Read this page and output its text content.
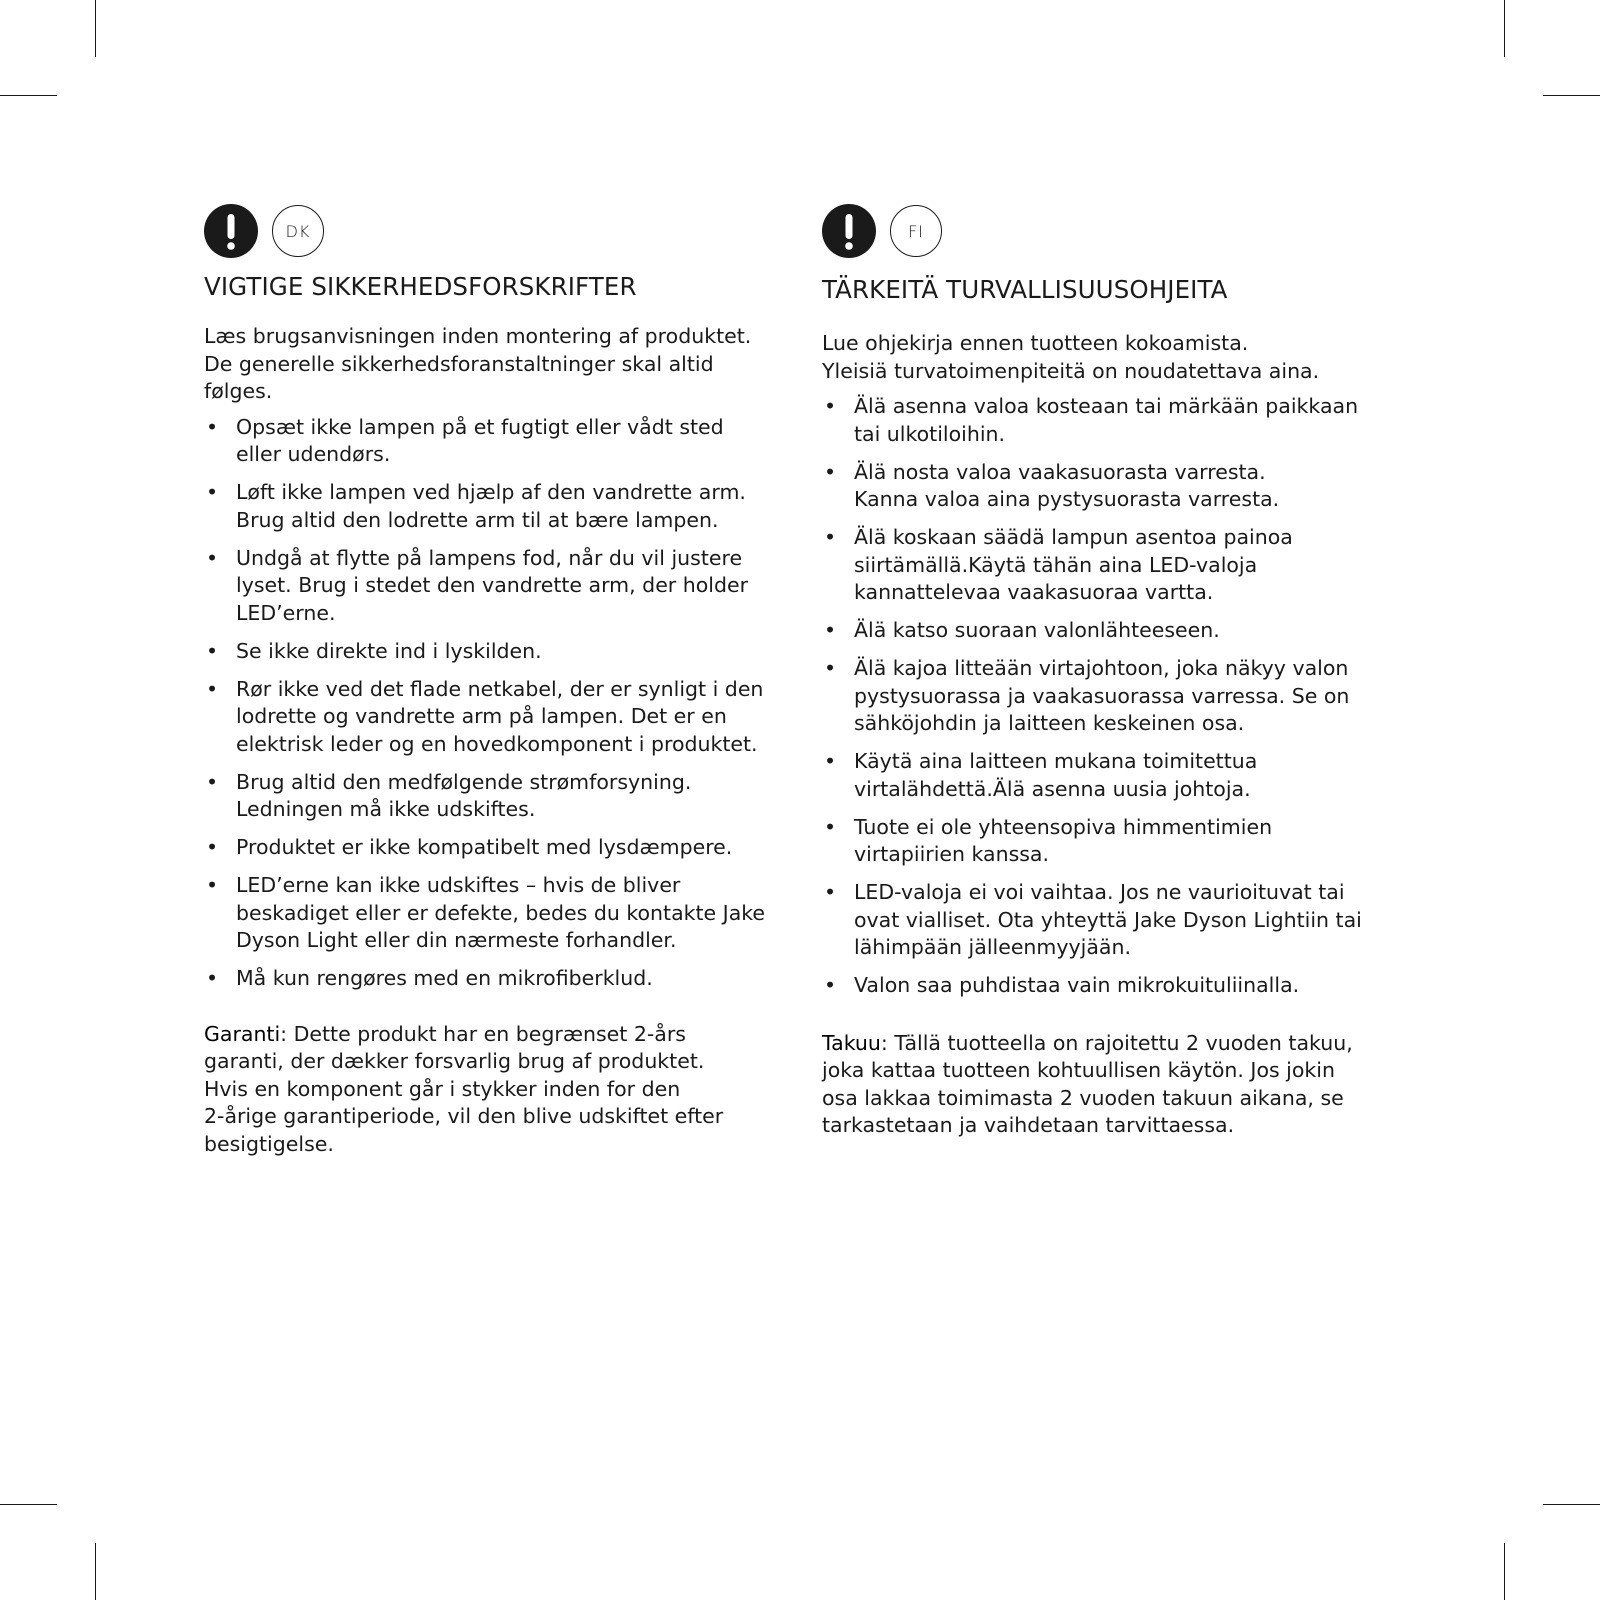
DK
VIGTIGE SIKKERHEDSFORSKRIFTER

Læs brugsanvisningen inden montering af produktet.
De generelle sikkerhedsforanstaltninger skal altid
følges.

• Opsæt ikke lampen på et fugtigt eller vådt sted
eller udendørs.
• Løft ikke lampen ved hjælp af den vandrette arm.
Brug altid den lodrette arm til at bære lampen.
• Undgå at flytte på lampens fod, når du vil justere
lyset. Brug i stedet den vandrette arm, der holder
LED’erne.
• Se ikke direkte ind i lyskilden.
• Rør ikke ved det flade netkabel, der er synligt i den
lodrette og vandrette arm på lampen. Det er en
elektrisk leder og en hovedkomponent i produktet.
• Brug altid den medfølgende strømforsyning.
Ledningen må ikke udskiftes.
• Produktet er ikke kompatibelt med lysdæmpere.
• LED’erne kan ikke udskiftes – hvis de bliver
beskadiget eller er defekte, bedes du kontakte Jake
Dyson Light eller din nærmeste forhandler.
• Må kun rengøres med en mikrofiberklud.

Garanti: Dette produkt har en begrænset 2-års
garanti, der dækker forsvarlig brug af produktet.
Hvis en komponent går i stykker inden for den
2-årige garantiperiode, vil den blive udskiftet efter
besigtigelse.

FI
TÄRKEITÄ TURVALLISUUSOHJEITA

Lue ohjekirja ennen tuotteen kokoamista.
Yleisiä turvatoimenpiteitä on noudatettava aina.

• Älä asenna valoa kosteaan tai märkään paikkaan
tai ulkotiloihin.
• Älä nosta valoa vaakasuorasta varresta.
Kanna valoa aina pystysuorasta varresta.
• Älä koskaan säädä lampun asentoa painoa
siirtämällä.Käytä tähän aina LED-valoja
kannattelevaa vaakasuoraa vartta.
• Älä katso suoraan valonlähteeseen.
• Älä kajoa litteään virtajohtoon, joka näkyy valon
pystysuorassa ja vaakasuorassa varressa. Se on
sähköjohdin ja laitteen keskeinen osa.
• Käytä aina laitteen mukana toimitettua
virtalähdettä.Älä asenna uusia johtoja.
• Tuote ei ole yhteensopiva himmentimien
virtapiirien kanssa.
• LED-valoja ei voi vaihtaa. Jos ne vaurioituvat tai
ovat vialliset. Ota yhteyttä Jake Dyson Lightiin tai
lähimpään jälleenmyyjään.
• Valon saa puhdistaa vain mikrokuituliinalla.

Takuu: Tällä tuotteella on rajoitettu 2 vuoden takuu,
joka kattaa tuotteen kohtuullisen käytön. Jos jokin
osa lakkaa toimimasta 2 vuoden takuun aikana, se
tarkastetaan ja vaihdetaan tarvittaessa.
